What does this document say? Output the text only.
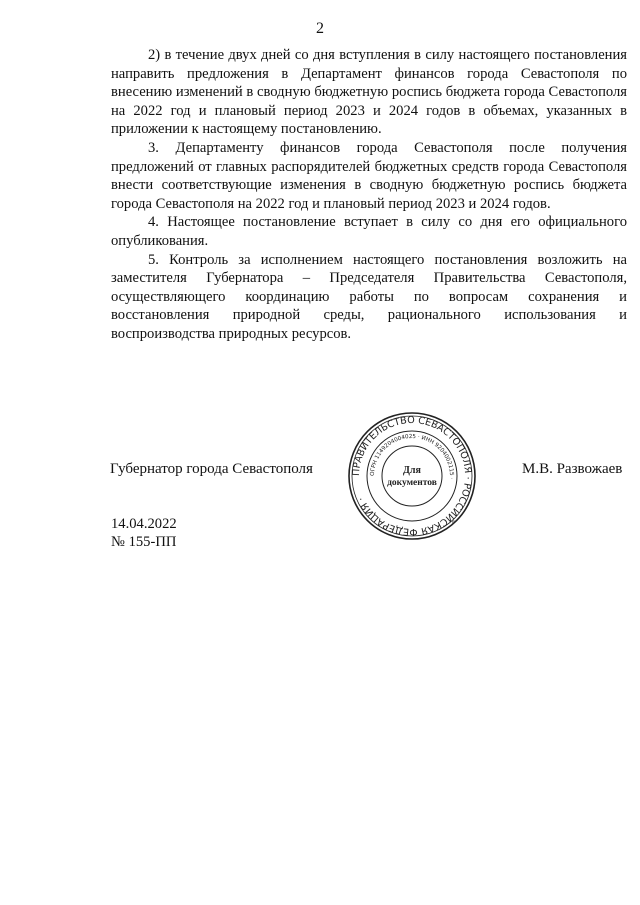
2

2) в течение двух дней со дня вступления в силу настоящего постановления направить предложения в Департамент финансов города Севастополя по внесению изменений в сводную бюджетную роспись бюджета города Севастополя на 2022 год и плановый период 2023 и 2024 годов в объемах, указанных в приложении к настоящему постановлению.

3. Департаменту финансов города Севастополя после получения предложений от главных распорядителей бюджетных средств города Севастополя внести соответствующие изменения в сводную бюджетную роспись бюджета города Севастополя на 2022 год и плановый период 2023 и 2024 годов.

4. Настоящее постановление вступает в силу со дня его официального опубликования.

5. Контроль за исполнением настоящего постановления возложить на заместителя Губернатора – Председателя Правительства Севастополя, осуществляющего координацию работы по вопросам сохранения и восстановления природной среды, рационального использования и воспроизводства природных ресурсов.

Губернатор города Севастополя	ПРАВИТЕЛЬСТВО СЕВАСТОПОЛЯ · РОССИЙСКАЯ ФЕДЕРАЦИЯ ·
ОГРН 1149204004025 · ИНН 9204002115 ·
Для
документов
М.В. Развожаев
14.04.2022
№ 155-ПП
